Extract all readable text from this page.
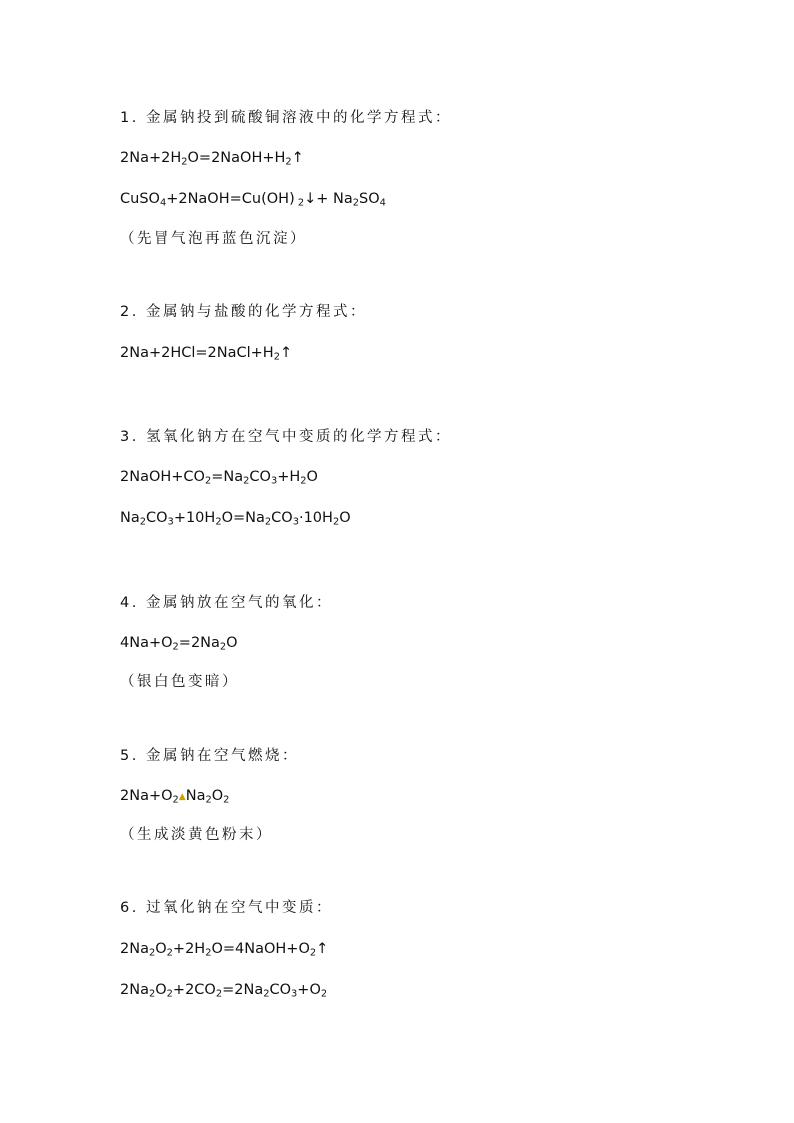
1. 金属钠投到硫酸铜溶液中的化学方程式：
$2Na+2H_2O=2NaOH+H_2↑$
CuSO$_4$+2NaOH=Cu(OH) $_2$↓+ $Na_2SO_4$
（先冒气泡再蓝色沉淀）
2. 金属钠与盐酸的化学方程式：
$2Na+2HCl=2NaCl+H_2↑$
3. 氢氧化钠方在空气中变质的化学方程式：
$2NaOH+CO_2=Na_2CO_3+H_2O$
$Na_2CO_3+10H_2O=Na_2CO_3\cdot 10H_2O$
4. 金属钠放在空气的氧化：
$4Na+O_2=2Na_2O$
（银白色变暗）
5. 金属钠在空气燃烧：
$2Na+O_2▲Na_2O_2$
（生成淡黄色粉末）
6. 过氧化钠在空气中变质：
$2Na_2O_2+2H_2O=4NaOH+O_2↑$
$2Na_2O_2+2CO_2=2Na_2CO_3+O_2$
